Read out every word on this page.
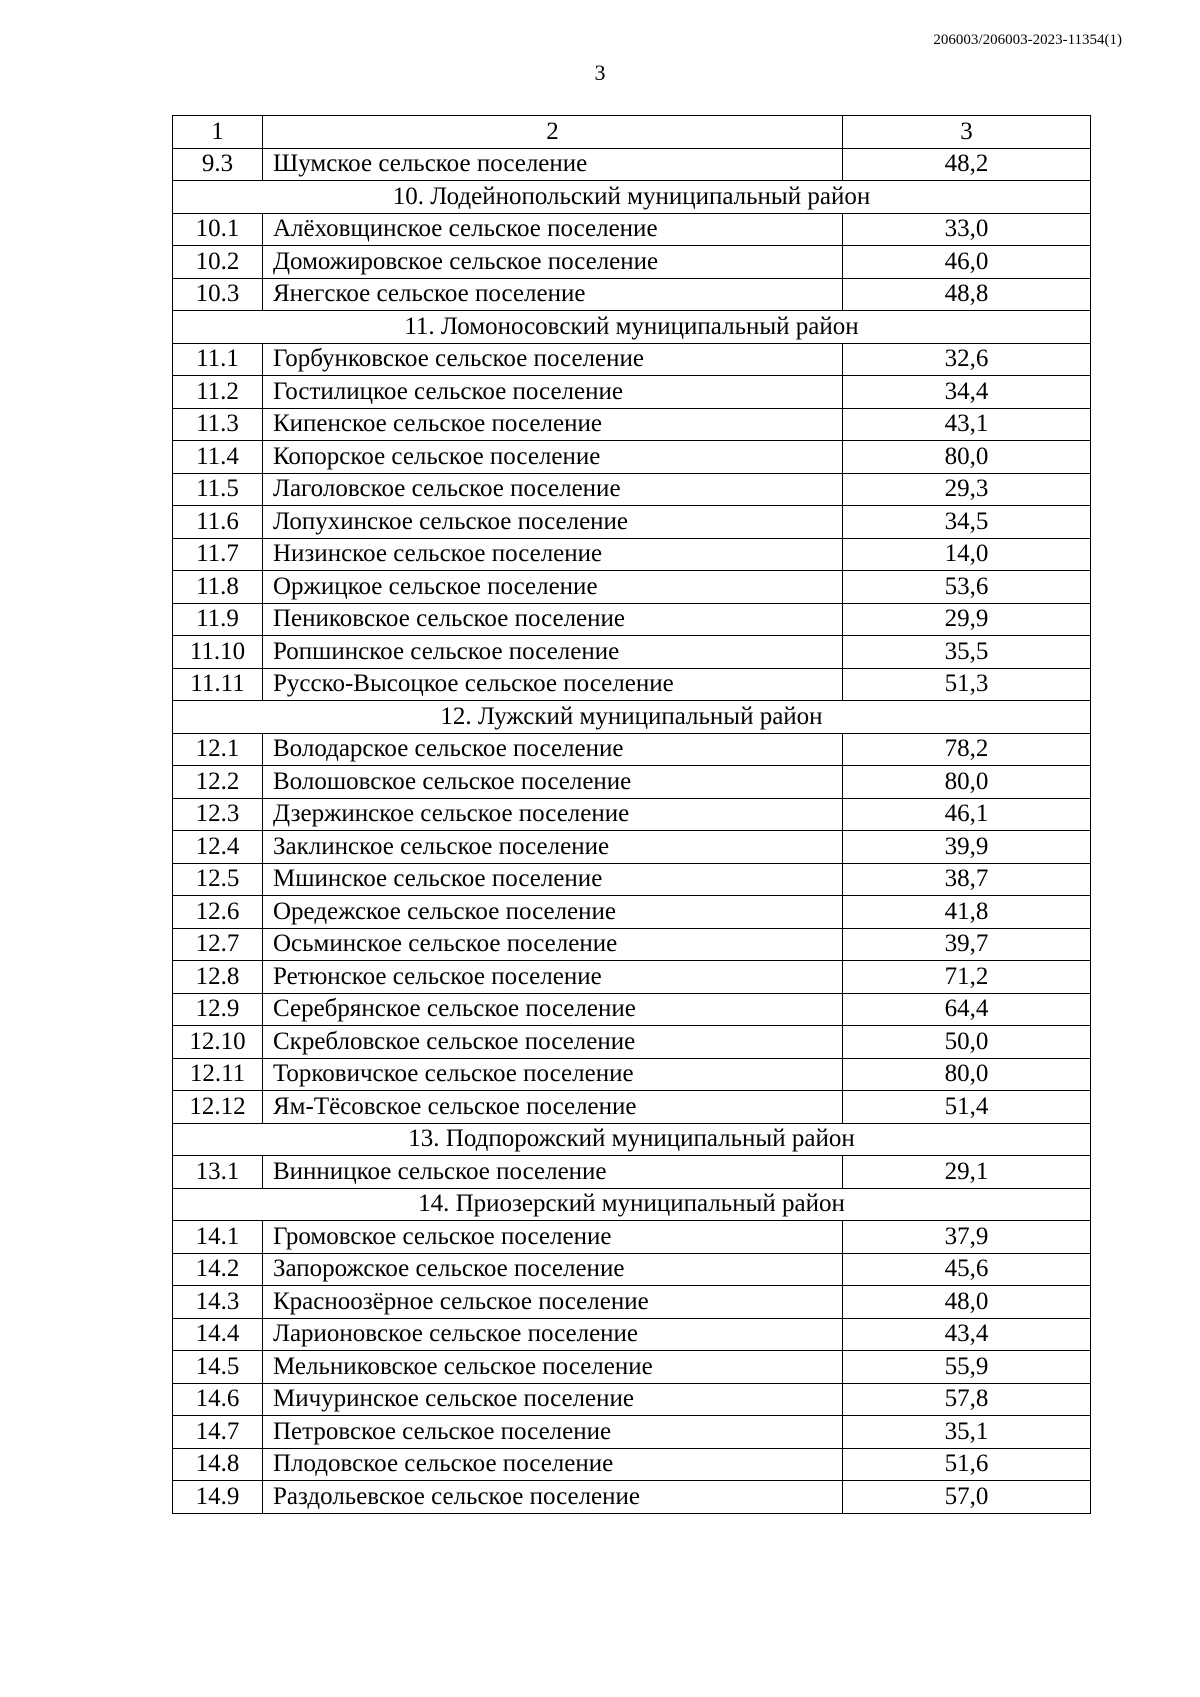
206003/206003-2023-11354(1)
3
1	2	3
9.3	Шумское сельское поселение	48,2
10. Лодейнопольский муниципальный район		
10.1	Алёховщинское сельское поселение	33,0
10.2	Доможировское сельское поселение	46,0
10.3	Янегское сельское поселение	48,8
11. Ломоносовский муниципальный район		
11.1	Горбунковское сельское поселение	32,6
11.2	Гостилицкое сельское поселение	34,4
11.3	Кипенское сельское поселение	43,1
11.4	Копорское сельское поселение	80,0
11.5	Лаголовское сельское поселение	29,3
11.6	Лопухинское сельское поселение	34,5
11.7	Низинское сельское поселение	14,0
11.8	Оржицкое сельское поселение	53,6
11.9	Пениковское сельское поселение	29,9
11.10	Ропшинское сельское поселение	35,5
11.11	Русско-Высоцкое сельское поселение	51,3
12. Лужский муниципальный район		
12.1	Володарское сельское поселение	78,2
12.2	Волошовское сельское поселение	80,0
12.3	Дзержинское сельское поселение	46,1
12.4	Заклинское сельское поселение	39,9
12.5	Мшинское сельское поселение	38,7
12.6	Оредежское сельское поселение	41,8
12.7	Осьминское сельское поселение	39,7
12.8	Ретюнское сельское поселение	71,2
12.9	Серебрянское сельское поселение	64,4
12.10	Скребловское сельское поселение	50,0
12.11	Торковичское сельское поселение	80,0
12.12	Ям-Тёсовское сельское поселение	51,4
13. Подпорожский муниципальный район		
13.1	Винницкое сельское поселение	29,1
14. Приозерский муниципальный район		
14.1	Громовское сельское поселение	37,9
14.2	Запорожское сельское поселение	45,6
14.3	Красноозёрное сельское поселение	48,0
14.4	Ларионовское сельское поселение	43,4
14.5	Мельниковское сельское поселение	55,9
14.6	Мичуринское сельское поселение	57,8
14.7	Петровское сельское поселение	35,1
14.8	Плодовское сельское поселение	51,6
14.9	Раздольевское сельское поселение	57,0
